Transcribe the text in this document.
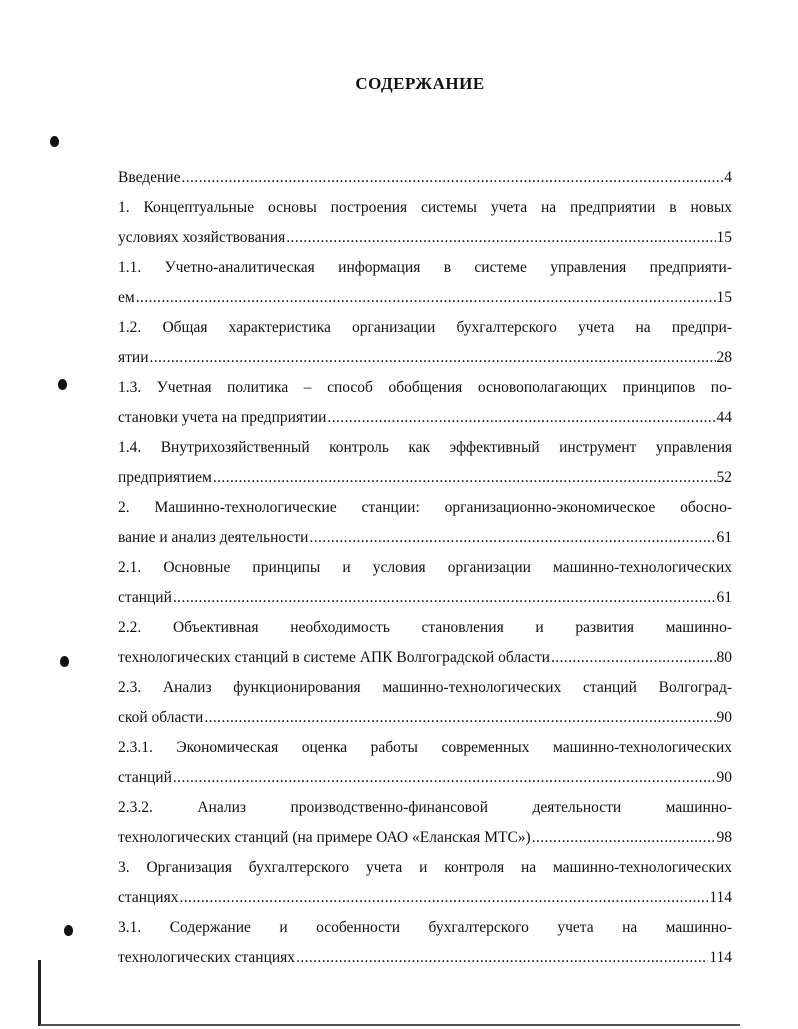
СОДЕРЖАНИЕ
Введение .....	4
1. Концептуальные основы построения системы учета на предприятии в новых
условиях хозяйствования .....	15
1.1. Учетно-аналитическая информация в системе управления предприяти-
ем .....	15
1.2. Общая характеристика организации бухгалтерского учета на предпри-
ятии .....	28
1.3. Учетная политика – способ обобщения основополагающих принципов по-
становки учета на предприятии .....	44
1.4. Внутрихозяйственный контроль как эффективный инструмент управления
предприятием .....	52
2. Машинно-технологические станции: организационно-экономическое обосно-
вание и анализ деятельности .....	61
2.1. Основные принципы и условия организации машинно-технологических
станций .....	61
2.2. Объективная необходимость становления и развития машинно-
технологических станций в системе АПК Волгоградской области .....	80
2.3. Анализ функционирования машинно-технологических станций Волгоград-
ской области .....	90
2.3.1. Экономическая оценка работы современных машинно-технологических
станций .....	90
2.3.2. Анализ производственно-финансовой деятельности машинно-
технологических станций (на примере ОАО «Еланская МТС») .....	98
3. Организация бухгалтерского учета и контроля на машинно-технологических
станциях .....	114
3.1. Содержание и особенности бухгалтерского учета на машинно-
технологических станциях .....	114
